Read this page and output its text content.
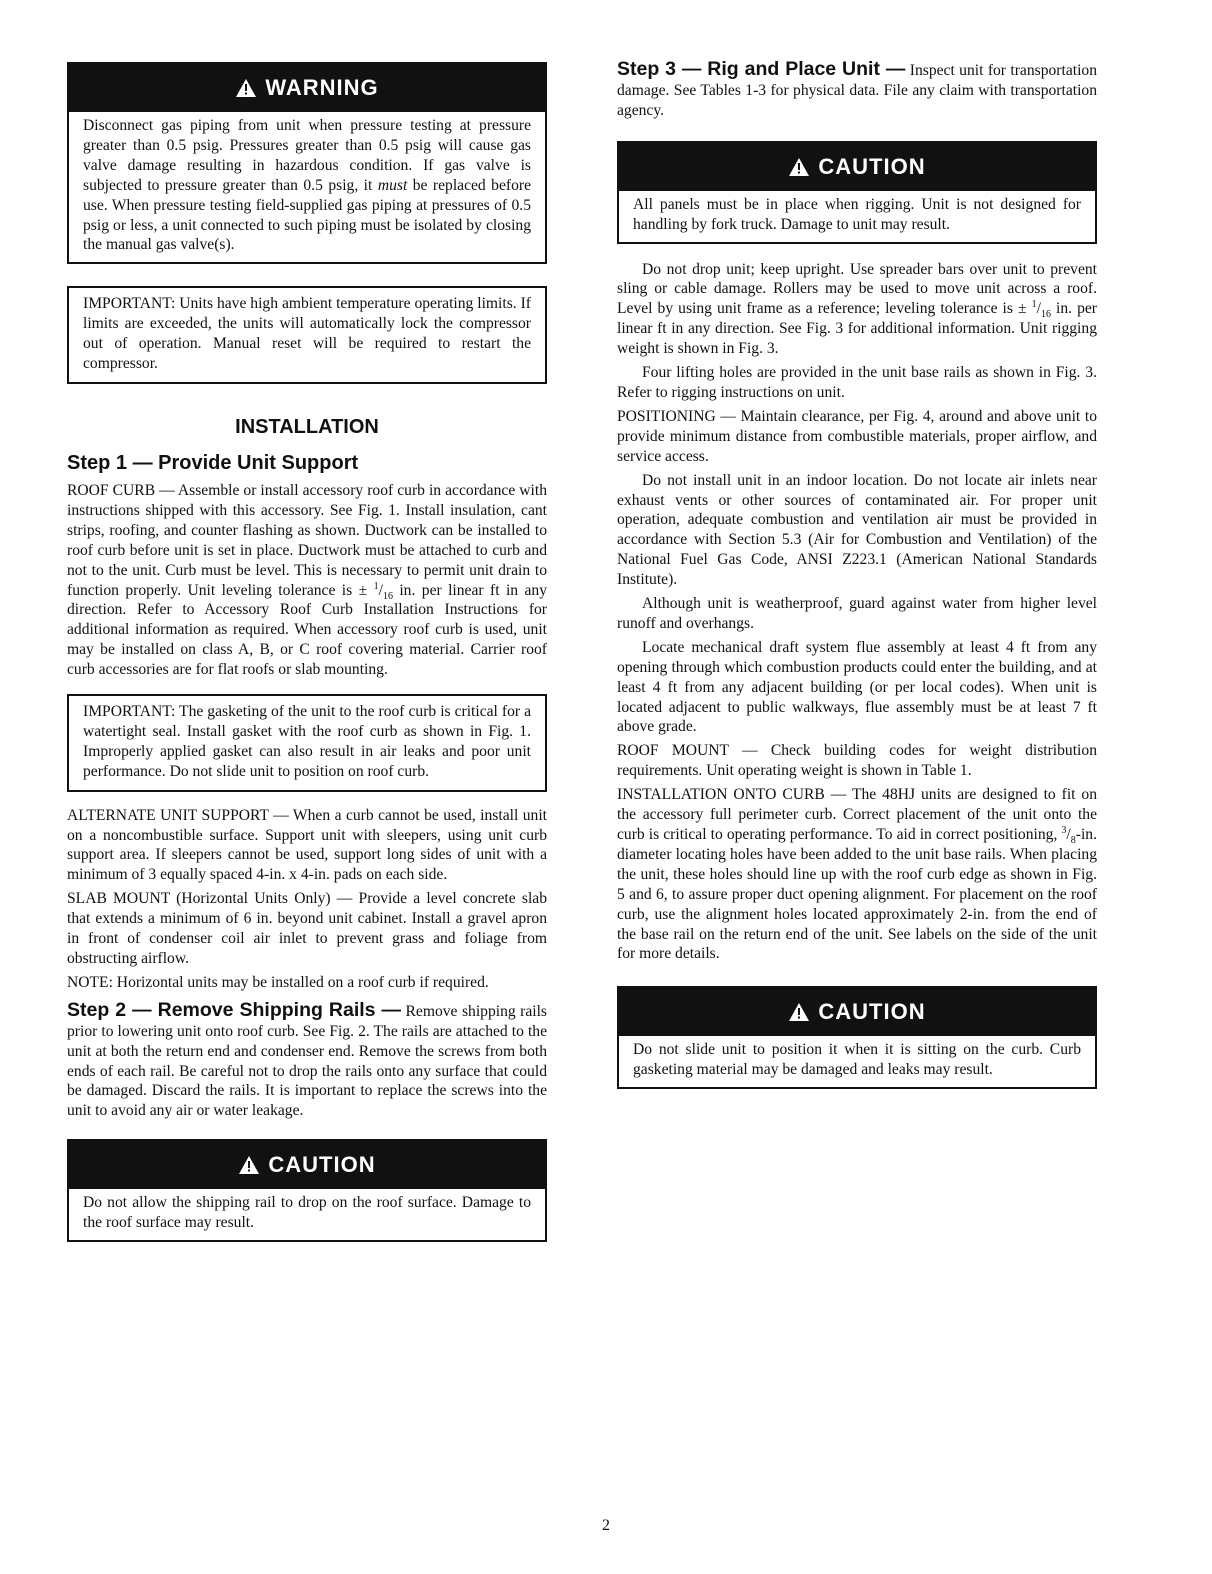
WARNING

Disconnect gas piping from unit when pressure testing at pressure greater than 0.5 psig. Pressures greater than 0.5 psig will cause gas valve damage resulting in hazardous condition. If gas valve is subjected to pressure greater than 0.5 psig, it must be replaced before use. When pressure testing field-supplied gas piping at pressures of 0.5 psig or less, a unit connected to such piping must be isolated by closing the manual gas valve(s).

IMPORTANT: Units have high ambient temperature operating limits. If limits are exceeded, the units will automatically lock the compressor out of operation. Manual reset will be required to restart the compressor.

INSTALLATION
Step 1 — Provide Unit Support

ROOF CURB — Assemble or install accessory roof curb in accordance with instructions shipped with this accessory. See Fig. 1. Install insulation, cant strips, roofing, and counter flashing as shown. Ductwork can be installed to roof curb before unit is set in place. Ductwork must be attached to curb and not to the unit. Curb must be level. This is necessary to permit unit drain to function properly. Unit leveling tolerance is ± $^1/_{16}$ in. per linear ft in any direction. Refer to Accessory Roof Curb Installation Instructions for additional information as required. When accessory roof curb is used, unit may be installed on class A, B, or C roof covering material. Carrier roof curb accessories are for flat roofs or slab mounting.

IMPORTANT: The gasketing of the unit to the roof curb is critical for a watertight seal. Install gasket with the roof curb as shown in Fig. 1. Improperly applied gasket can also result in air leaks and poor unit performance. Do not slide unit to position on roof curb.

ALTERNATE UNIT SUPPORT — When a curb cannot be used, install unit on a noncombustible surface. Support unit with sleepers, using unit curb support area. If sleepers cannot be used, support long sides of unit with a minimum of 3 equally spaced 4-in. x 4-in. pads on each side.

SLAB MOUNT (Horizontal Units Only) — Provide a level concrete slab that extends a minimum of 6 in. beyond unit cabinet. Install a gravel apron in front of condenser coil air inlet to prevent grass and foliage from obstructing airflow.

NOTE: Horizontal units may be installed on a roof curb if required.

Step 2 — Remove Shipping Rails — Remove shipping rails prior to lowering unit onto roof curb. See Fig. 2. The rails are attached to the unit at both the return end and condenser end. Remove the screws from both ends of each rail. Be careful not to drop the rails onto any surface that could be damaged. Discard the rails. It is important to replace the screws into the unit to avoid any air or water leakage.

CAUTION

Do not allow the shipping rail to drop on the roof surface. Damage to the roof surface may result.

Step 3 — Rig and Place Unit — Inspect unit for transportation damage. See Tables 1-3 for physical data. File any claim with transportation agency.

CAUTION

All panels must be in place when rigging. Unit is not designed for handling by fork truck. Damage to unit may result.

Do not drop unit; keep upright. Use spreader bars over unit to prevent sling or cable damage. Rollers may be used to move unit across a roof. Level by using unit frame as a reference; leveling tolerance is ± $^1/_{16}$ in. per linear ft in any direction. See Fig. 3 for additional information. Unit rigging weight is shown in Fig. 3.

Four lifting holes are provided in the unit base rails as shown in Fig. 3. Refer to rigging instructions on unit.

POSITIONING — Maintain clearance, per Fig. 4, around and above unit to provide minimum distance from combustible materials, proper airflow, and service access.

Do not install unit in an indoor location. Do not locate air inlets near exhaust vents or other sources of contaminated air. For proper unit operation, adequate combustion and ventilation air must be provided in accordance with Section 5.3 (Air for Combustion and Ventilation) of the National Fuel Gas Code, ANSI Z223.1 (American National Standards Institute).

Although unit is weatherproof, guard against water from higher level runoff and overhangs.

Locate mechanical draft system flue assembly at least 4 ft from any opening through which combustion products could enter the building, and at least 4 ft from any adjacent building (or per local codes). When unit is located adjacent to public walkways, flue assembly must be at least 7 ft above grade.

ROOF MOUNT — Check building codes for weight distribution requirements. Unit operating weight is shown in Table 1.

INSTALLATION ONTO CURB — The 48HJ units are designed to fit on the accessory full perimeter curb. Correct placement of the unit onto the curb is critical to operating performance. To aid in correct positioning, $^3/_8-in$. diameter locating holes have been added to the unit base rails. When placing the unit, these holes should line up with the roof curb edge as shown in Fig. 5 and 6, to assure proper duct opening alignment. For placement on the roof curb, use the alignment holes located approximately 2-in. from the end of the base rail on the return end of the unit. See labels on the side of the unit for more details.

CAUTION

Do not slide unit to position it when it is sitting on the curb. Curb gasketing material may be damaged and leaks may result.

2
